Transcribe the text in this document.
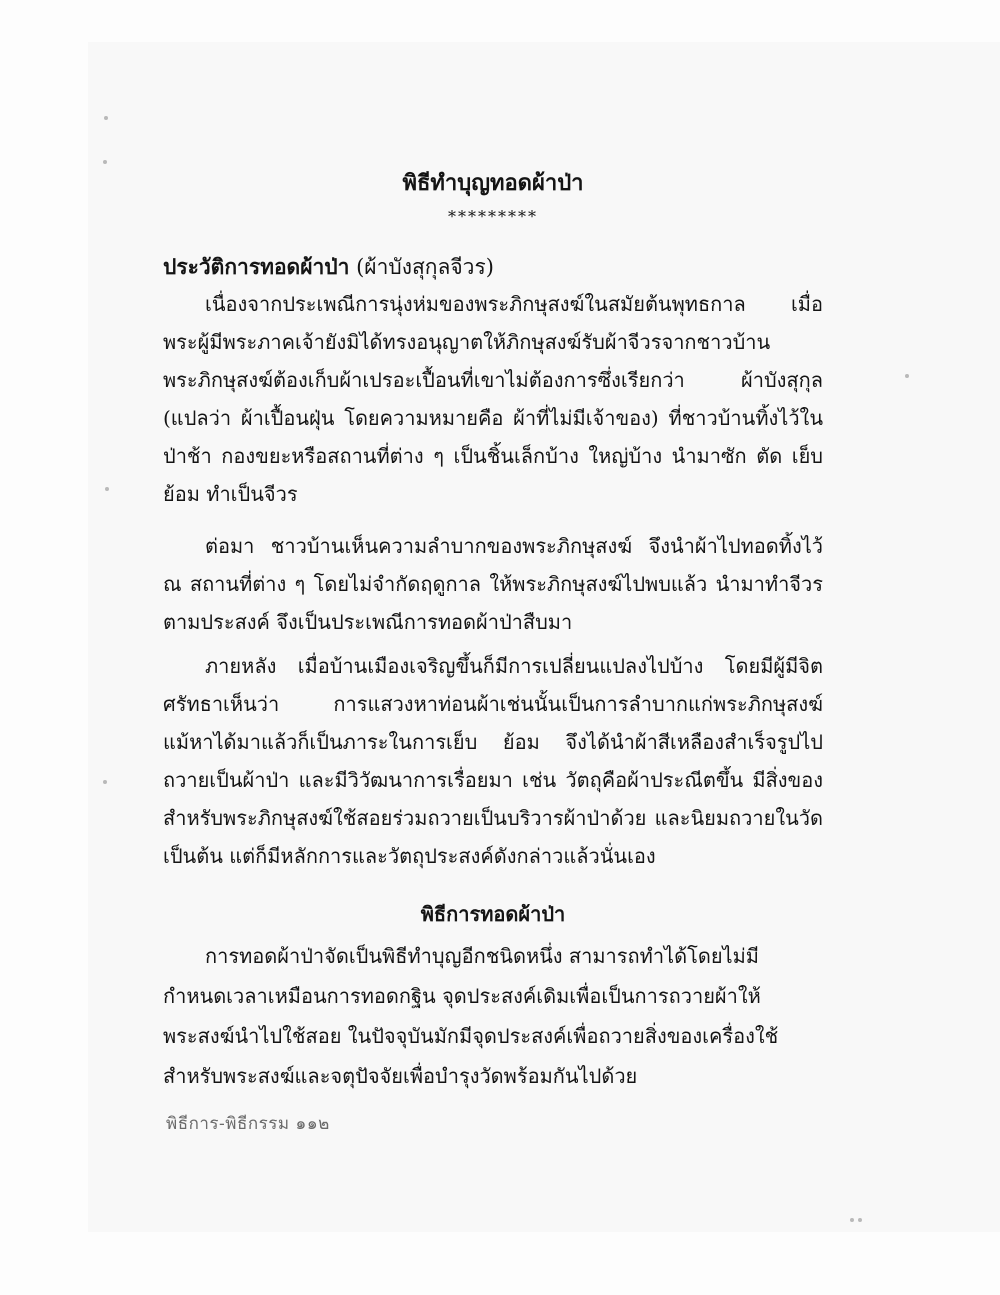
พิธีทำบุญทอดผ้าป่า
*********
ประวัติการทอดผ้าป่า (ผ้าบังสุกุลจีวร)
เนื่องจากประเพณีการนุ่งห่มของพระภิกษุสงฆ์ในสมัยต้นพุทธกาล เมื่อ
พระผู้มีพระภาคเจ้ายังมิได้ทรงอนุญาตให้ภิกษุสงฆ์รับผ้าจีวรจากชาวบ้าน
พระภิกษุสงฆ์ต้องเก็บผ้าเปรอะเปื้อนที่เขาไม่ต้องการซึ่งเรียกว่า ผ้าบังสุกุล
(แปลว่า ผ้าเปื้อนฝุ่น โดยความหมายคือ ผ้าที่ไม่มีเจ้าของ) ที่ชาวบ้านทิ้งไว้ใน
ป่าช้า กองขยะหรือสถานที่ต่าง ๆ เป็นชิ้นเล็กบ้าง ใหญ่บ้าง นำมาซัก ตัด เย็บ
ย้อม ทำเป็นจีวร
ต่อมา ชาวบ้านเห็นความลำบากของพระภิกษุสงฆ์ จึงนำผ้าไปทอดทิ้งไว้
ณ สถานที่ต่าง ๆ โดยไม่จำกัดฤดูกาล ให้พระภิกษุสงฆ์ไปพบแล้ว นำมาทำจีวร
ตามประสงค์ จึงเป็นประเพณีการทอดผ้าป่าสืบมา
ภายหลัง เมื่อบ้านเมืองเจริญขึ้นก็มีการเปลี่ยนแปลงไปบ้าง โดยมีผู้มีจิต
ศรัทธาเห็นว่า การแสวงหาท่อนผ้าเช่นนั้นเป็นการลำบากแก่พระภิกษุสงฆ์
แม้หาได้มาแล้วก็เป็นภาระในการเย็บ ย้อม จึงได้นำผ้าสีเหลืองสำเร็จรูปไป
ถวายเป็นผ้าป่า และมีวิวัฒนาการเรื่อยมา เช่น วัตถุคือผ้าประณีตขึ้น มีสิ่งของ
สำหรับพระภิกษุสงฆ์ใช้สอยร่วมถวายเป็นบริวารผ้าป่าด้วย และนิยมถวายในวัด
เป็นต้น แต่ก็มีหลักการและวัตถุประสงค์ดังกล่าวแล้วนั่นเอง
พิธีการทอดผ้าป่า
การทอดผ้าป่าจัดเป็นพิธีทำบุญอีกชนิดหนึ่ง สามารถทำได้โดยไม่มี
กำหนดเวลาเหมือนการทอดกฐิน จุดประสงค์เดิมเพื่อเป็นการถวายผ้าให้
พระสงฆ์นำไปใช้สอย ในปัจจุบันมักมีจุดประสงค์เพื่อถวายสิ่งของเครื่องใช้
สำหรับพระสงฆ์และจตุปัจจัยเพื่อบำรุงวัดพร้อมกันไปด้วย
พิธีการ-พิธีกรรม ๑๑๒
